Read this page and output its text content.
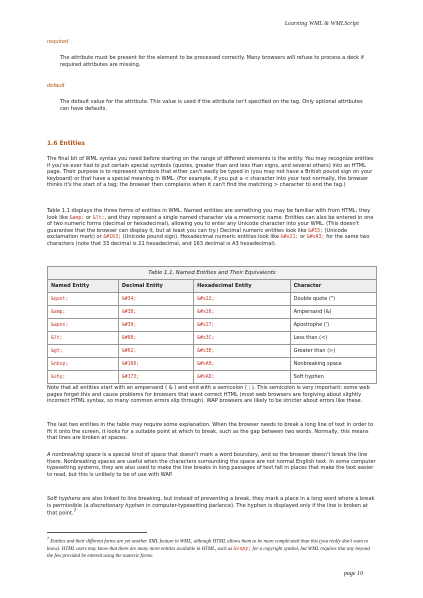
Learning WML & WMLScript
required
The attribute must be present for the element to be processed correctly. Many browsers will refuse to process a deck if required attributes are missing.
default
The default value for the attribute. This value is used if the attribute isn't specified on the tag. Only optional attributes can have defaults.
1.6 Entities

The final bit of WML syntax you need before starting on the range of different elements is the entity. You may recognize entities if you've ever had to put certain special symbols (quotes, greater than and less than signs, and several others) into an HTML page. Their purpose is to represent symbols that either can't easily be typed in (you may not have a British pound sign on your keyboard) or that have a special meaning in WML. (For example, if you put a < character into your text normally, the browser thinks it's the start of a tag; the browser then complains when it can't find the matching > character to end the tag.)

Table 1.1 displays the three forms of entities in WML. Named entities are something you may be familiar with from HTML: they look like &amp; or &lt;, and they represent a single named character via a mnemonic name. Entities can also be entered in one of two numeric forms (decimal or hexadecimal), allowing you to enter any Unicode character into your WML. (This doesn't guarantee that the browser can display it, but at least you can try.) Decimal numeric entities look like &#33; (Unicode exclamation mark) or &#163; (Unicode pound sign). Hexadecimal numeric entities look like &#x21; or &#xA3; for the same two characters (note that 33 decimal is 21 hexadecimal, and 163 decimal is A3 hexadecimal).

Table 1.1, Named Entities and Their Equivalents
Named Entity	Decimal Entity	Hexadecimal Entity	Character
&quot;	&#34;	&#x22;	Double quote (")
&amp;	&#38;	&#x26;	Ampersand (&)
&apos;	&#39;	&#x27;	Apostrophe (')
&lt;	&#60;	&#x3C;	Less than (<)
&gt;	&#62;	&#x3E;	Greater than (>)
&nbsp;	&#160;	&#xA0;	Nonbreaking space
&shy;	&#173;	&#xAD;	Soft hyphen

Note that all entities start with an ampersand ( & ) and end with a semicolon ( ; ). This semicolon is very important: some web pages forget this and cause problems for browsers that want correct HTML (most web browsers are forgiving about slightly incorrect HTML syntax, so many common errors slip through). WAP browsers are likely to be stricter about errors like these.

The last two entities in the table may require some explanation. When the browser needs to break a long line of text in order to fit it onto the screen, it looks for a suitable point at which to break, such as the gap between two words. Normally, this means that lines are broken at spaces.

A nonbreaking space is a special kind of space that doesn't mark a word boundary, and so the browser doesn't break the line there. Nonbreaking spaces are useful when the characters surrounding the space are not normal English text. In some computer typesetting systems, they are also used to make the line breaks in long passages of text fall in places that make the text easier to read, but this is unlikely to be of use with WAP.

Soft hyphens are also linked to line breaking, but instead of preventing a break, they mark a place in a long word where a break is permissible (a discretionary hyphen in computer-typesetting parlance). The hyphen is displayed only if the line is broken at that point.$^7$

$^7$ Entities and their different forms are yet another XML feature in WML, although HTML allows them to be more complicated than this (you really don't want to know). HTML users may know that there are many more entities available in HTML, such as &copy; for a copyright symbol, but WML requires that any beyond the few provided be entered using the numeric forms.
page 10
